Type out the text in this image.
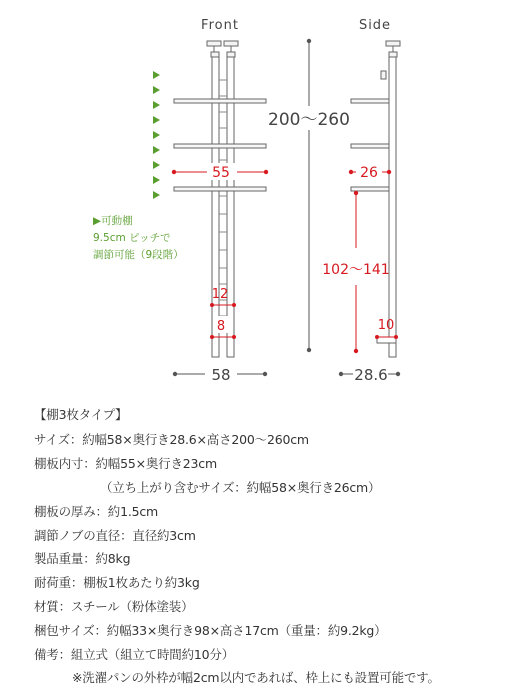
Front
55
12
8
58
▶可動棚
9.5cm ピッチで
調節可能（9段階）
200～260
Side
26
102～141
10
28.6
【棚3枚タイプ】
サイズ：約幅58×奥行き28.6×高さ200～260cm
棚板内寸：約幅55×奥行き23cm
（立ち上がり含むサイズ：約幅58×奥行き26cm）
棚板の厚み：約1.5cm
調節ノブの直径：直径約3cm
製品重量：約8kg
耐荷重：棚板1枚あたり約3kg
材質：スチール（粉体塗装）
梱包サイズ：約幅33×奥行き98×高さ17cm（重量：約9.2kg）
備考：組立式（組立て時間約10分）
※洗濯パンの外枠が幅2cm以内であれば、枠上にも設置可能です。
